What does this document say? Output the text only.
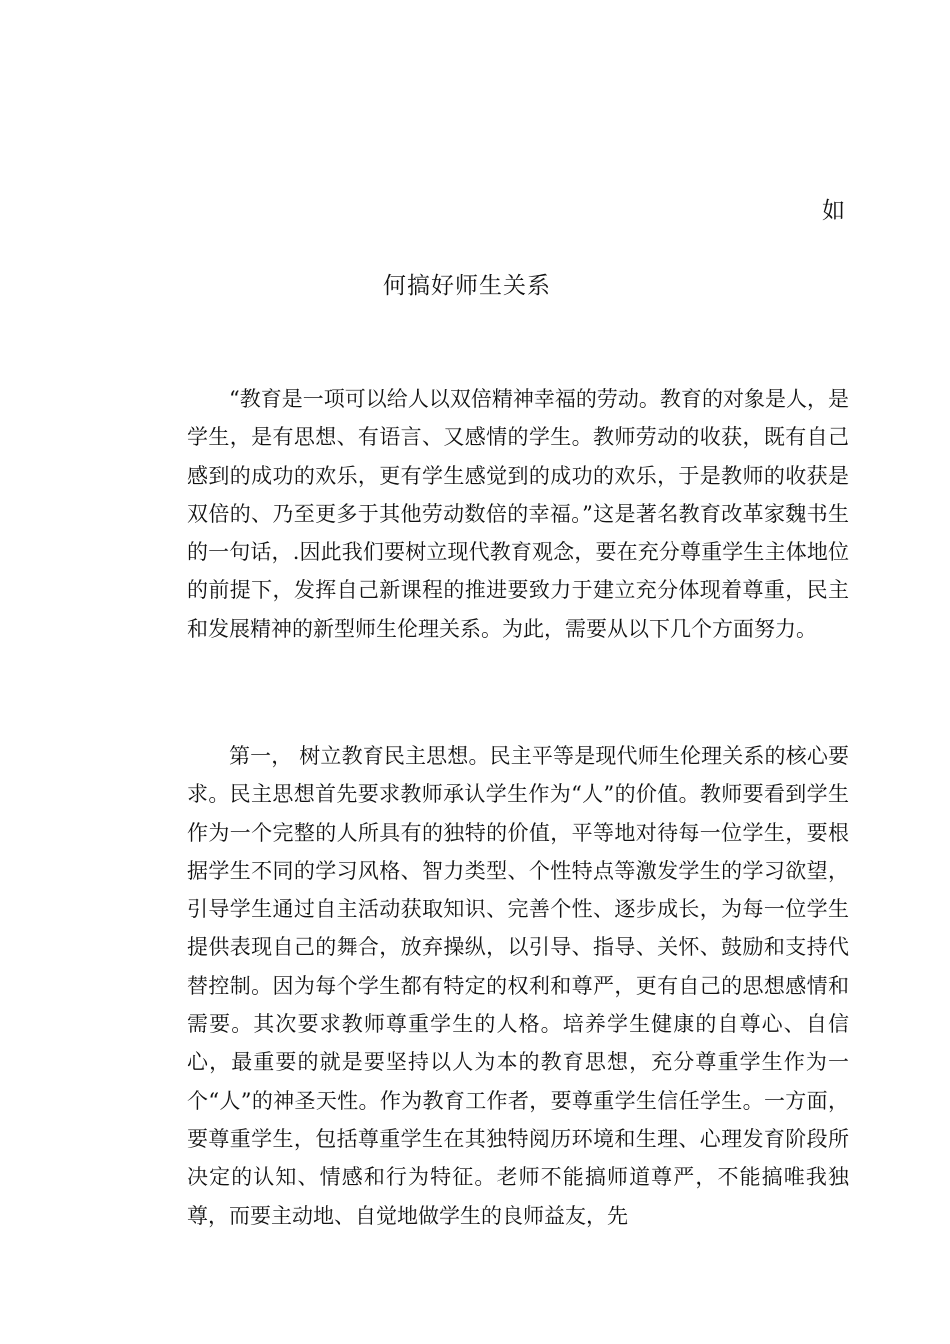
如
何搞好师生关系

“教育是一项可以给人以双倍精神幸福的劳动。教育的对象是人，是学生，是有思想、有语言、又感情的学生。教师劳动的收获，既有自己感到的成功的欢乐，更有学生感觉到的成功的欢乐，于是教师的收获是双倍的、乃至更多于其他劳动数倍的幸福。”这是著名教育改革家魏书生的一句话，.因此我们要树立现代教育观念，要在充分尊重学生主体地位的前提下，发挥自己新课程的推进要致力于建立充分体现着尊重，民主和发展精神的新型师生伦理关系。为此，需要从以下几个方面努力。

第一， 树立教育民主思想。民主平等是现代师生伦理关系的核心要求。民主思想首先要求教师承认学生作为“人”的价值。教师要看到学生作为一个完整的人所具有的独特的价值，平等地对待每一位学生，要根据学生不同的学习风格、智力类型、个性特点等激发学生的学习欲望，引导学生通过自主活动获取知识、完善个性、逐步成长，为每一位学生提供表现自己的舞合，放弃操纵，以引导、指导、关怀、鼓励和支持代替控制。因为每个学生都有特定的权利和尊严，更有自己的思想感情和需要。其次要求教师尊重学生的人格。培养学生健康的自尊心、自信心，最重要的就是要坚持以人为本的教育思想，充分尊重学生作为一个“人”的神圣天性。作为教育工作者，要尊重学生信任学生。一方面，要尊重学生，包括尊重学生在其独特阅历环境和生理、心理发育阶段所决定的认知、情感和行为特征。老师不能搞师道尊严，不能搞唯我独尊，而要主动地、自觉地做学生的良师益友，先
